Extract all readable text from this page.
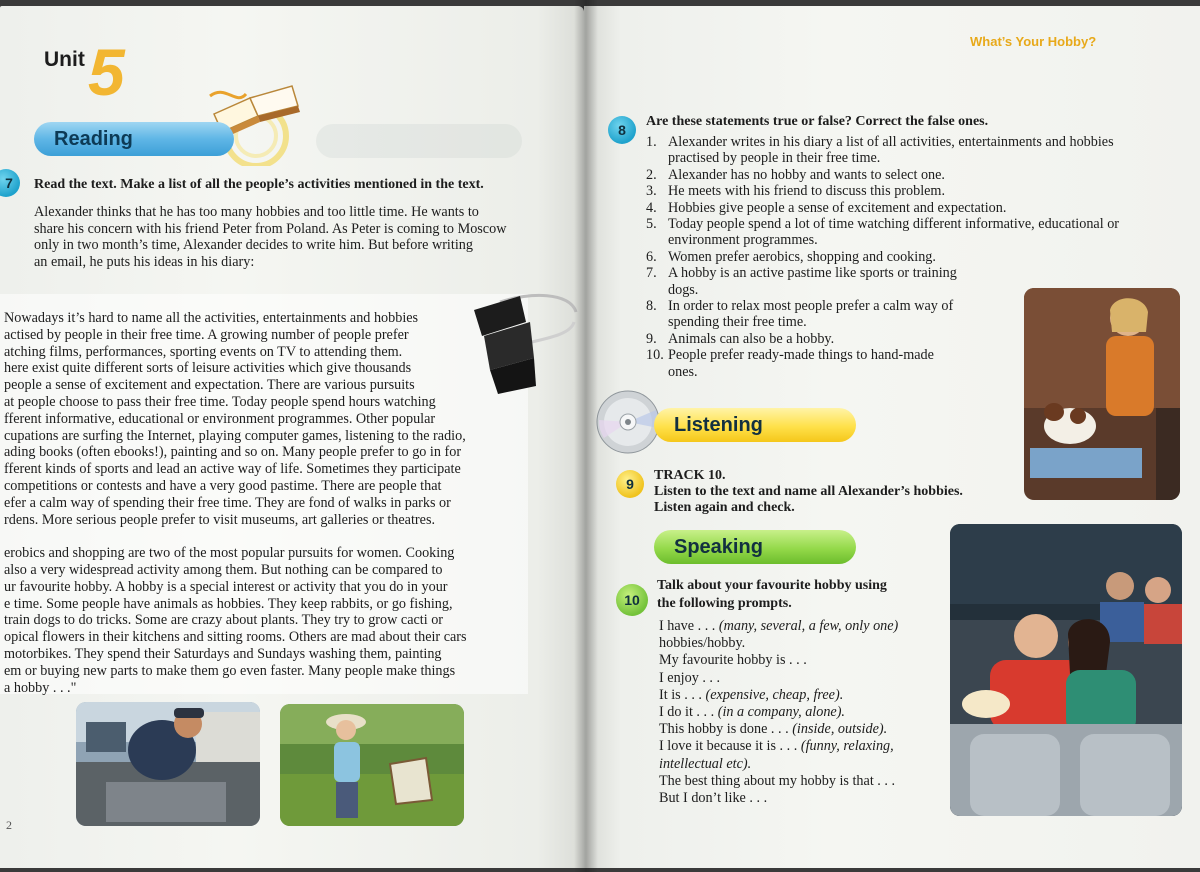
Unit 5
Reading
7	Read the text. Make a list of all the people’s activities mentioned in the text.

Alexander thinks that he has too many hobbies and too little time. He wants to

share his concern with his friend Peter from Poland. As Peter is coming to Moscow

only in two month’s time, Alexander decides to write him. But before writing

an email, he puts his ideas in his diary:

Nowadays it’s hard to name all the activities, entertainments and hobbies

actised by people in their free time. A growing number of people prefer

atching films, performances, sporting events on TV to attending them.

here exist quite different sorts of leisure activities which give thousands

people a sense of excitement and expectation. There are various pursuits

at people choose to pass their free time. Today people spend hours watching

fferent informative, educational or environment programmes. Other popular

cupations are surfing the Internet, playing computer games, listening to the radio,

ading books (often ebooks!), painting and so on. Many people prefer to go in for

fferent kinds of sports and lead an active way of life. Sometimes they participate

competitions or contests and have a very good pastime. There are people that

efer a calm way of spending their free time. They are fond of walks in parks or

rdens. More serious people prefer to visit museums, art galleries or theatres.

erobics and shopping are two of the most popular pursuits for women. Cooking

also a very widespread activity among them. But nothing can be compared to

ur favourite hobby. A hobby is a special interest or activity that you do in your

e time. Some people have animals as hobbies. They keep rabbits, or go fishing,

train dogs to do tricks. Some are crazy about plants. They try to grow cacti or

opical flowers in their kitchens and sitting rooms. Others are mad about their cars

motorbikes. They spend their Saturdays and Sundays washing them, painting

em or buying new parts to make them go even faster. Many people make things

a hobby . . ."

2
What’s Your Hobby?
8
Are these statements true or false? Correct the false ones.
1. Alexander writes in his diary a list of all activities, entertainments and hobbies

practised by people in their free time.

2. Alexander has no hobby and wants to select one.

3. He meets with his friend to discuss this problem.

4. Hobbies give people a sense of excitement and expectation.

5. Today people spend a lot of time watching different informative, educational or

environment programmes.

6. Women prefer aerobics, shopping and cooking.

7. A hobby is an active pastime like sports or training

dogs.

8. In order to relax most people prefer a calm way of

spending their free time.

9. Animals can also be a hobby.

10. People prefer ready-made things to hand-made

ones.

Listening
9
TRACK 10.
Listen to the text and name all Alexander’s hobbies.
Listen again and check.
Speaking
10
Talk about your favourite hobby using
the following prompts.

I have . . . (many, several, a few, only one)

hobbies/hobby.

My favourite hobby is . . .

I enjoy . . .

It is . . . (expensive, cheap, free).

I do it . . . (in a company, alone).

This hobby is done . . . (inside, outside).

I love it because it is . . . (funny, relaxing,

intellectual etc).

The best thing about my hobby is that . . .

But I don’t like . . .
